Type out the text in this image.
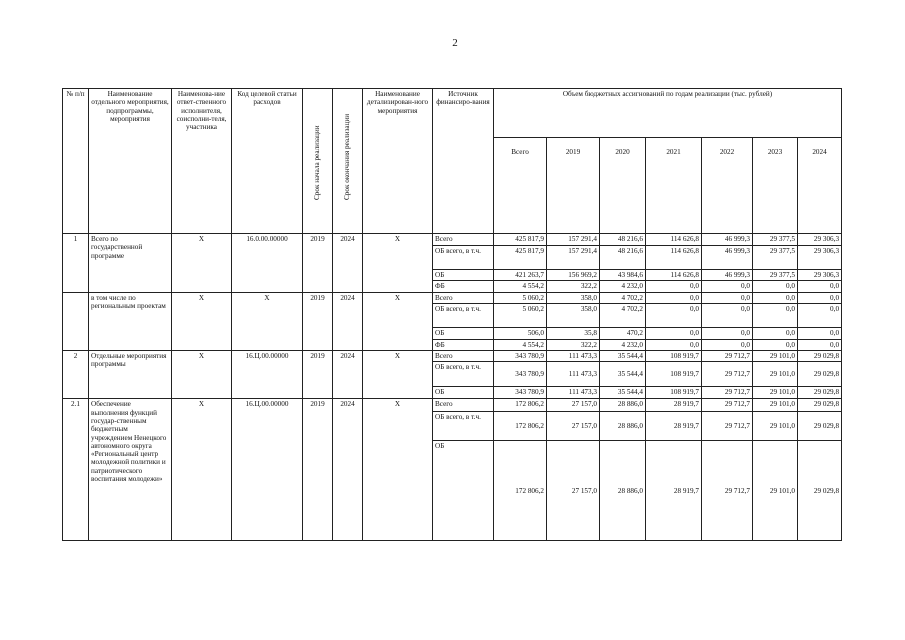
2
№ п/п	Наименование отдельного мероприятия, подпрограммы, мероприятия	Наименова-ние ответ-ственного исполнителя, соисполни-теля, участника	Код целевой статьи расходов	Срок начала реализации	Срок окончания реализации	Наименование детализирован-ного мероприятия	Источник финансиро-вания	Объем бюджетных ассигнований по годам реализации (тыс. рублей)						
								Всего	2019	2020	2021	2022	2023	2024
1	Всего по государственной программе	Х	16.0.00.00000	2019	2024	Х	Всего	425 817,9	157 291,4	48 216,6	114 626,8	46 999,3	29 377,5	29 306,3
							ОБ всего, в т.ч.	425 817,9	157 291,4	48 216,6	114 626,8	46 999,3	29 377,5	29 306,3
							ОБ	421 263,7	156 969,2	43 984,6	114 626,8	46 999,3	29 377,5	29 306,3
							ФБ	4 554,2	322,2	4 232,0	0,0	0,0	0,0	0,0
	в том числе по региональным проектам	Х	Х	2019	2024	Х	Всего	5 060,2	358,0	4 702,2	0,0	0,0	0,0	0,0
							ОБ всего, в т.ч.	5 060,2	358,0	4 702,2	0,0	0,0	0,0	0,0
							ОБ	506,0	35,8	470,2	0,0	0,0	0,0	0,0
							ФБ	4 554,2	322,2	4 232,0	0,0	0,0	0,0	0,0
2	Отдельные мероприятия программы	Х	16.Ц.00.00000	2019	2024	Х	Всего	343 780,9	111 473,3	35 544,4	108 919,7	29 712,7	29 101,0	29 029,8
							ОБ всего, в т.ч.	343 780,9	111 473,3	35 544,4	108 919,7	29 712,7	29 101,0	29 029,8
							ОБ	343 780,9	111 473,3	35 544,4	108 919,7	29 712,7	29 101,0	29 029,8
2.1	Обеспечение выполнения функций государ-ственным бюджетным учреждением Ненецкого автономного округа «Региональный центр молодежной политики и патриотического воспитания молодежи»	Х	16.Ц.00.00000	2019	2024	Х	Всего	172 806,2	27 157,0	28 886,0	28 919,7	29 712,7	29 101,0	29 029,8
							ОБ всего, в т.ч.	172 806,2	27 157,0	28 886,0	28 919,7	29 712,7	29 101,0	29 029,8
							ОБ	172 806,2	27 157,0	28 886,0	28 919,7	29 712,7	29 101,0	29 029,8
